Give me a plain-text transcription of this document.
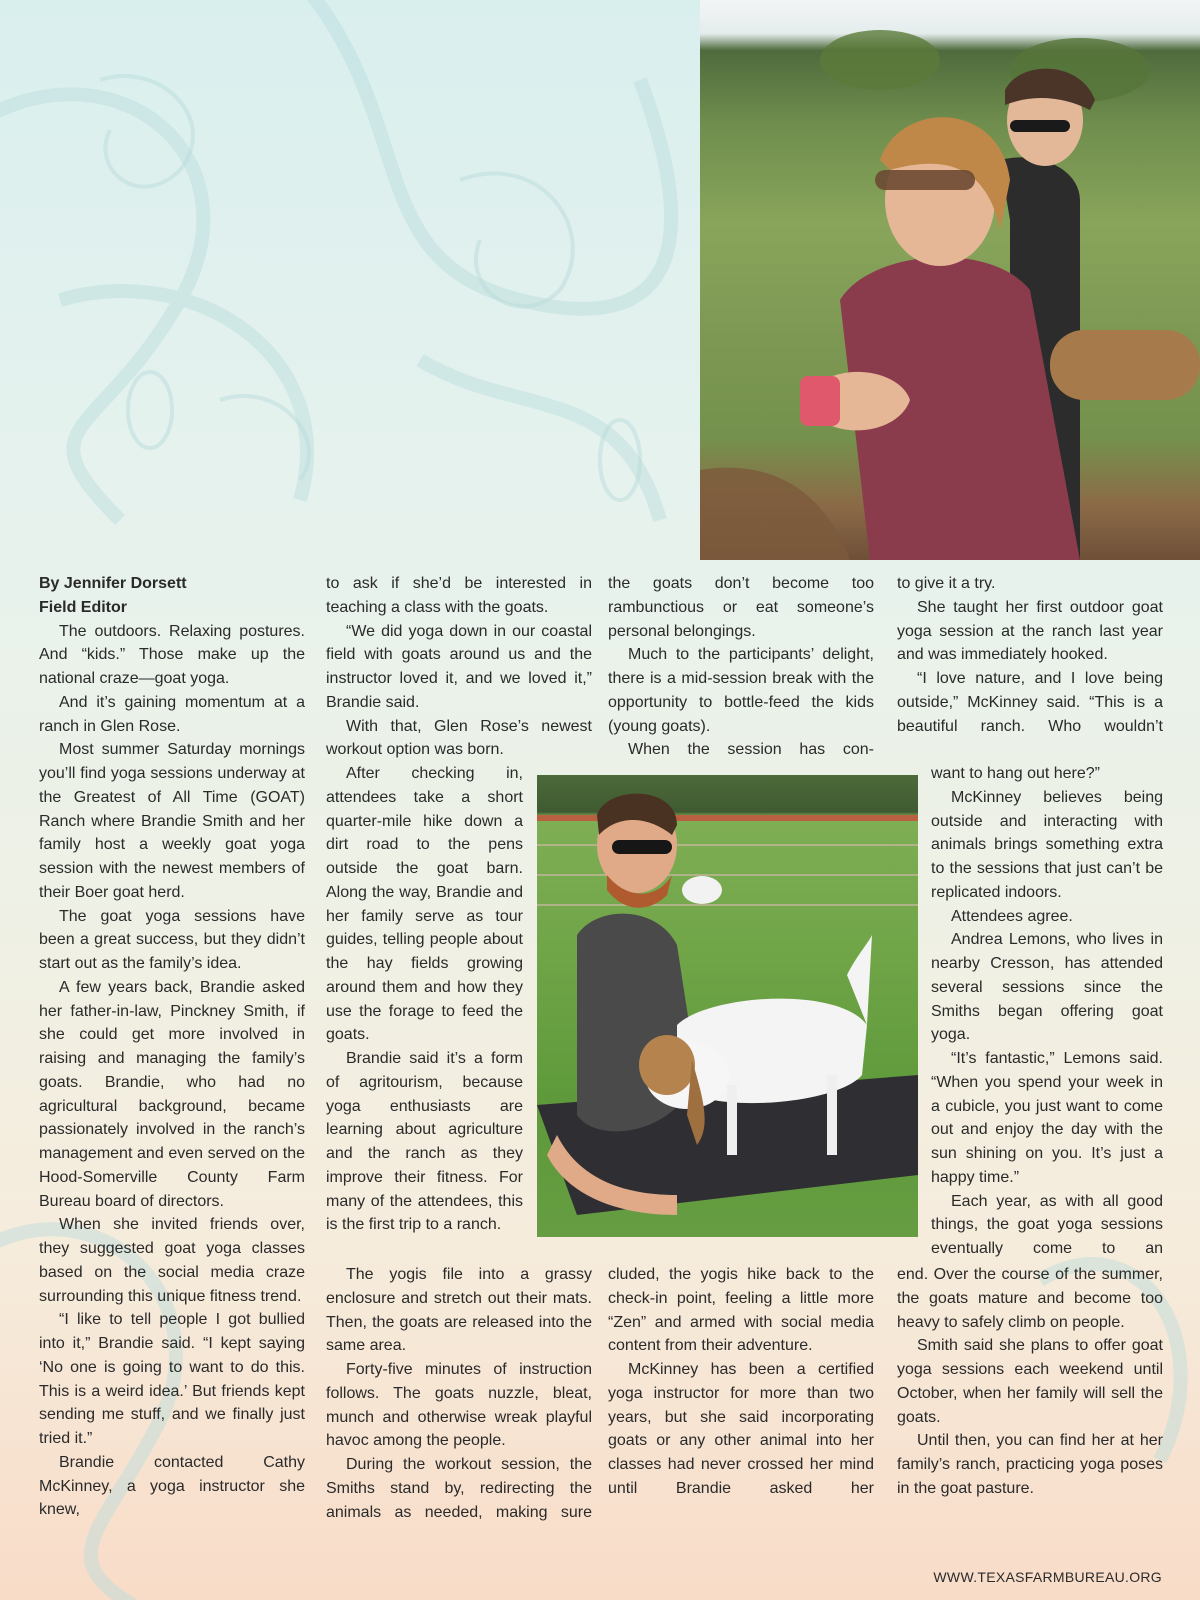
By Jennifer Dorsett

Field Editor

The outdoors. Relaxing postures. And “kids.” Those make up the national craze—goat yoga.

And it’s gaining momentum at a ranch in Glen Rose.

Most summer Saturday mornings you’ll find yoga sessions underway at the Greatest of All Time (GOAT) Ranch where Brandie Smith and her family host a weekly goat yoga session with the newest members of their Boer goat herd.

The goat yoga sessions have been a great success, but they didn’t start out as the family’s idea.

A few years back, Brandie asked her father-in-law, Pinckney Smith, if she could get more involved in raising and managing the family’s goats. Brandie, who had no agricultural background, became passionately involved in the ranch’s management and even served on the Hood-Somerville County Farm Bureau board of directors.

When she invited friends over, they suggested goat yoga classes based on the social media craze surrounding this unique fitness trend.

“I like to tell people I got bullied into it,” Brandie said. “I kept saying ‘No one is going to want to do this. This is a weird idea.’ But friends kept sending me stuff, and we finally just tried it.”

Brandie contacted Cathy McKinney, a yoga instructor she knew,

to ask if she’d be interested in teaching a class with the goats.

“We did yoga down in our coastal field with goats around us and the instructor loved it, and we loved it,” Brandie said.

With that, Glen Rose’s newest workout option was born.

After checking in, attendees take a short quarter-mile hike down a dirt road to the pens outside the goat barn. Along the way, Brandie and her family serve as tour guides, telling people about the hay fields growing around them and how they use the forage to feed the goats.

Brandie said it’s a form of agritourism, because yoga enthusiasts are learning about agriculture and the ranch as they improve their fitness. For many of the attendees, this is the first trip to a ranch.

The yogis file into a grassy enclosure and stretch out their mats. Then, the goats are released into the same area.

Forty-five minutes of instruction follows. The goats nuzzle, bleat, munch and otherwise wreak playful havoc among the people.

During the workout session, the Smiths stand by, redirecting the animals as needed, making sure

the goats don’t become too rambunctious or eat someone’s personal belongings.

Much to the participants’ delight, there is a mid-session break with the opportunity to bottle-feed the kids (young goats).

When the session has con-

cluded, the yogis hike back to the check-in point, feeling a little more “Zen” and armed with social media content from their adventure.

McKinney has been a certified yoga instructor for more than two years, but she said incorporating goats or any other animal into her classes had never crossed her mind until Brandie asked her

to give it a try.

She taught her first outdoor goat yoga session at the ranch last year and was immediately hooked.

“I love nature, and I love being outside,” McKinney said. “This is a beautiful ranch. Who wouldn’t

want to hang out here?”

McKinney believes being outside and interacting with animals brings something extra to the sessions that just can’t be replicated indoors.

Attendees agree.

Andrea Lemons, who lives in nearby Cresson, has attended several sessions since the Smiths began offering goat yoga.

“It’s fantastic,” Lemons said. “When you spend your week in a cubicle, you just want to come out and enjoy the day with the sun shining on you. It’s just a happy time.”

Each year, as with all good things, the goat yoga sessions eventually come to an

end. Over the course of the summer, the goats mature and become too heavy to safely climb on people.

Smith said she plans to offer goat yoga sessions each weekend until October, when her family will sell the goats.

Until then, you can find her at her family’s ranch, practicing yoga poses in the goat pasture.

WWW.TEXASFARMBUREAU.ORG
